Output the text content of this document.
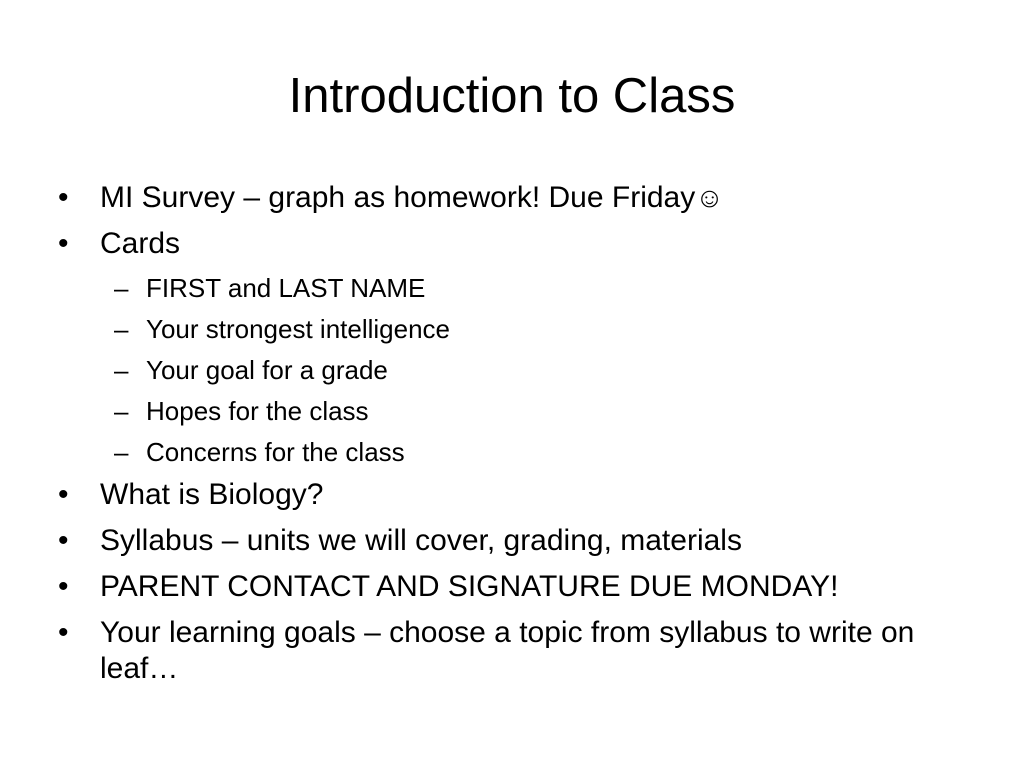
Introduction to Class
•	MI Survey – graph as homework! Due Friday☺
•	Cards
– FIRST and LAST NAME
– Your strongest intelligence
– Your goal for a grade
– Hopes for the class
– Concerns for the class
•	What is Biology?
•	Syllabus – units we will cover, grading, materials
•	PARENT CONTACT AND SIGNATURE DUE MONDAY!
•	Your learning goals – choose a topic from syllabus to write on leaf…
